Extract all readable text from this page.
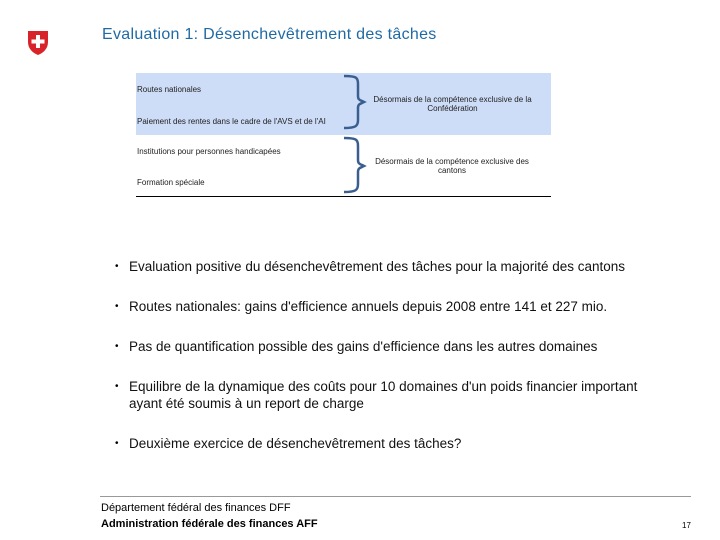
Evaluation 1: Désenchevêtrement des tâches
Routes nationales
Paiement des rentes dans le cadre de l'AVS et de l'AI
Institutions pour personnes handicapées
Formation spéciale
Désormais de la compétence exclusive de la Confédération
Désormais de la compétence exclusive des cantons
• Evaluation positive du désenchevêtrement des tâches pour la majorité des cantons
• Routes nationales: gains d'efficience annuels depuis 2008 entre 141 et 227 mio.
• Pas de quantification possible des gains d'efficience dans les autres domaines
• Equilibre de la dynamique des coûts pour 10 domaines d'un poids financier important ayant été soumis à un report de charge
• Deuxième exercice de désenchevêtrement des tâches?
Département fédéral des finances DFF
Administration fédérale des finances AFF	17
